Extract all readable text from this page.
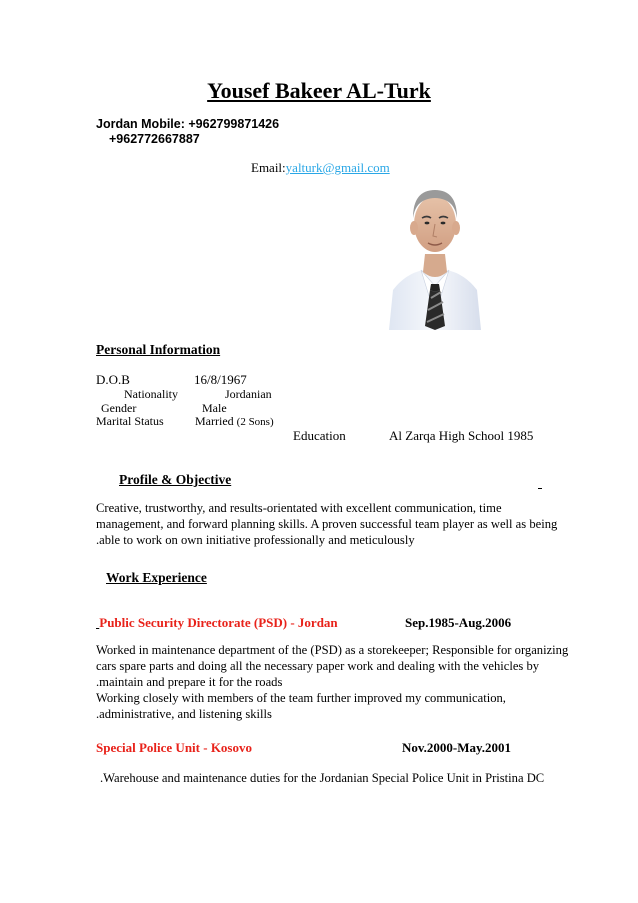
Yousef Bakeer AL-Turk
Jordan Mobile: +962799871426
+962772667887
Email:yalturk@gmail.com
Personal Information
D.O.B	16/8/1967
Nationality	Jordanian
Gender	Male
Marital Status	Married (2 Sons)
Education	Al Zarqa High School 1985
Profile & Objective
Creative, trustworthy, and results-orientated with excellent communication, time
management, and forward planning skills. A proven successful team player as well as being
.able to work on own initiative professionally and meticulously
Work Experience
Public Security Directorate (PSD) - Jordan	Sep.1985-Aug.2006
Worked in maintenance department of the (PSD) as a storekeeper; Responsible for organizing
cars spare parts and doing all the necessary paper work and dealing with the vehicles by
.maintain and prepare it for the roads
Working closely with members of the team further improved my communication,
.administrative, and listening skills
Special Police Unit - Kosovo	Nov.2000-May.2001
.Warehouse and maintenance duties for the Jordanian Special Police Unit in Pristina DC
